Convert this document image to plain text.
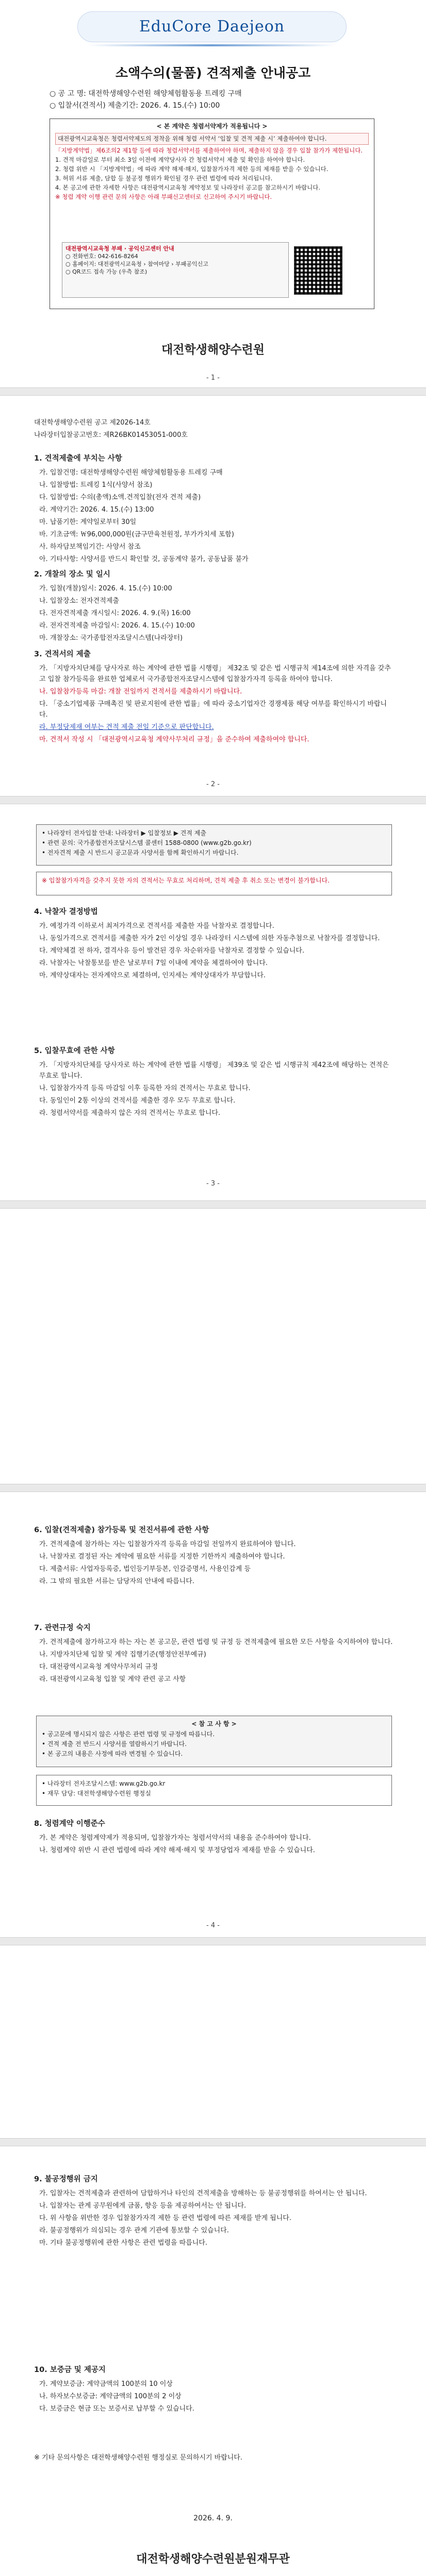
EduCore Daejeon
소액수의(물품) 견적제출 안내공고
○ 공 고 명: 대전학생해양수련원 해양체험활동용 트레킹 구매
○ 입찰서(견적서) 제출기간: 2026. 4. 15.(수) 10:00
< 본 계약은 청렴서약제가 적용됩니다 >
대전광역시교육청은 청렴서약제도의 정착을 위해 청렴 서약서 ‘입찰 및 견적 제출 시’ 제출하여야 합니다.
「지방계약법」제6조의2 제1항 등에 따라 청렴서약서를 제출하여야 하며, 제출하지 않을 경우 입찰 참가가 제한됩니다.
1. 견적 마감일로 부터 최소 3일 이전에 계약당사자 간 청렴서약서 제출 및 확인을 하여야 합니다.
2. 청렴 위반 시 「지방계약법」에 따라 계약 해제·해지, 입찰참가자격 제한 등의 제재를 받을 수 있습니다.
3. 허위 서류 제출, 담합 등 불공정 행위가 확인될 경우 관련 법령에 따라 처리됩니다.
4. 본 공고에 관한 자세한 사항은 대전광역시교육청 계약정보 및 나라장터 공고를 참고하시기 바랍니다.
※ 청렴 계약 이행 관련 문의 사항은 아래 부패신고센터로 신고하여 주시기 바랍니다.
대전광역시교육청 부패 · 공익신고센터 안내
○ 전화번호: 042-616-8264
○ 홈페이지: 대전광역시교육청 › 참여마당 › 부패공익신고
○ QR코드 접속 가능 (우측 참조)
대전학생해양수련원
- 1 -

대전학생해양수련원 공고 제2026-14호

나라장터입찰공고번호: 제R26BK01453051-000호

1. 견적제출에 부치는 사항

가. 입찰건명: 대전학생해양수련원 해양체험활동용 트레킹 구매

나. 입찰방법: 트레킹 1식(사양서 참조)

다. 입찰방법: 수의(총액)소액.견적입찰(전자 견적 제출)

라. 계약기간: 2026. 4. 15.(수) 13:00

마. 납품기한: 계약일로부터 30일

바. 기초금액: ￦96,000,000원(금구만육천원정, 부가가치세 포함)

사. 하자담보책임기간: 사양서 참조

아. 기타사항: 사양서를 반드시 확인할 것, 공동계약 불가, 공동납품 불가

2. 개찰의 장소 및 일시

가. 입찰(개찰)일시: 2026. 4. 15.(수) 10:00

나. 입찰장소: 전자견적제출

다. 전자견적제출 개시일시: 2026. 4. 9.(목) 16:00

라. 전자견적제출 마감일시: 2026. 4. 15.(수) 10:00

마. 개찰장소: 국가종합전자조달시스템(나라장터)

3. 견적서의 제출

가. 「지방자치단체를 당사자로 하는 계약에 관한 법률 시행령」 제32조 및 같은 법 시행규칙 제14조에 의한 자격을 갖추고 입찰 참가등록을 완료한 업체로서 국가종합전자조달시스템에 입찰참가자격 등록을 하여야 합니다.

나. 입찰참가등록 마감: 개찰 전일까지 견적서를 제출하시기 바랍니다.

다. 「중소기업제품 구매촉진 및 판로지원에 관한 법률」에 따라 중소기업자간 경쟁제품 해당 여부를 확인하시기 바랍니다.

라. 부정당제재 여부는 견적 제출 전일 기준으로 판단합니다.

마. 견적서 작성 시 「대전광역시교육청 계약사무처리 규정」을 준수하여 제출하여야 합니다.

- 2 -

• 나라장터 전자입찰 안내: 나라장터 ▶ 입찰정보 ▶ 견적 제출

• 관련 문의: 국가종합전자조달시스템 콜센터 1588-0800 (www.g2b.go.kr)

• 전자견적 제출 시 반드시 공고문과 사양서를 함께 확인하시기 바랍니다.

※ 입찰참가자격을 갖추지 못한 자의 견적서는 무효로 처리하며, 견적 제출 후 취소 또는 변경이 불가합니다.

4. 낙찰자 결정방법

가. 예정가격 이하로서 최저가격으로 견적서를 제출한 자를 낙찰자로 결정합니다.

나. 동일가격으로 견적서를 제출한 자가 2인 이상일 경우 나라장터 시스템에 의한 자동추첨으로 낙찰자를 결정합니다.

다. 계약체결 전 하자, 결격사유 등이 발견된 경우 차순위자를 낙찰자로 결정할 수 있습니다.

라. 낙찰자는 낙찰통보를 받은 날로부터 7일 이내에 계약을 체결하여야 합니다.

마. 계약상대자는 전자계약으로 체결하며, 인지세는 계약상대자가 부담합니다.

5. 입찰무효에 관한 사항

가. 「지방자치단체를 당사자로 하는 계약에 관한 법률 시행령」 제39조 및 같은 법 시행규칙 제42조에 해당하는 견적은 무효로 합니다.

나. 입찰참가자격 등록 마감일 이후 등록한 자의 견적서는 무효로 합니다.

다. 동일인이 2통 이상의 견적서를 제출한 경우 모두 무효로 합니다.

라. 청렴서약서를 제출하지 않은 자의 견적서는 무효로 합니다.

- 3 -
6. 입찰(견적제출) 참가등록 및 전진서류에 관한 사항

가. 견적제출에 참가하는 자는 입찰참가자격 등록을 마감일 전일까지 완료하여야 합니다.

나. 낙찰자로 결정된 자는 계약에 필요한 서류를 지정한 기한까지 제출하여야 합니다.

다. 제출서류: 사업자등록증, 법인등기부등본, 인감증명서, 사용인감계 등

라. 그 밖의 필요한 서류는 담당자의 안내에 따릅니다.

7. 관련규정 숙지

가. 견적제출에 참가하고자 하는 자는 본 공고문, 관련 법령 및 규정 등 견적제출에 필요한 모든 사항을 숙지하여야 합니다.

나. 지방자치단체 입찰 및 계약 집행기준(행정안전부예규)

다. 대전광역시교육청 계약사무처리 규정

라. 대전광역시교육청 입찰 및 계약 관련 공고 사항

< 참 고 사 항 >

• 공고문에 명시되지 않은 사항은 관련 법령 및 규정에 따릅니다.

• 견적 제출 전 반드시 사양서를 열람하시기 바랍니다.

• 본 공고의 내용은 사정에 따라 변경될 수 있습니다.

• 나라장터 전자조달시스템: www.g2b.go.kr

• 재무 담당: 대전학생해양수련원 행정실

8. 청렴계약 이행준수

가. 본 계약은 청렴계약제가 적용되며, 입찰참가자는 청렴서약서의 내용을 준수하여야 합니다.

나. 청렴계약 위반 시 관련 법령에 따라 계약 해제·해지 및 부정당업자 제재를 받을 수 있습니다.

- 4 -
9. 불공정행위 금지

가. 입찰자는 견적제출과 관련하여 담합하거나 타인의 견적제출을 방해하는 등 불공정행위를 하여서는 안 됩니다.

나. 입찰자는 관계 공무원에게 금품, 향응 등을 제공하여서는 안 됩니다.

다. 위 사항을 위반한 경우 입찰참가자격 제한 등 관련 법령에 따른 제재를 받게 됩니다.

라. 불공정행위가 의심되는 경우 관계 기관에 통보할 수 있습니다.

마. 기타 불공정행위에 관한 사항은 관련 법령을 따릅니다.

10. 보증금 및 제공지

가. 계약보증금: 계약금액의 100분의 10 이상

나. 하자보수보증금: 계약금액의 100분의 2 이상

다. 보증금은 현금 또는 보증서로 납부할 수 있습니다.

※ 기타 문의사항은 대전학생해양수련원 행정실로 문의하시기 바랍니다.

2026. 4. 9.
대전학생해양수련원분원재무관
